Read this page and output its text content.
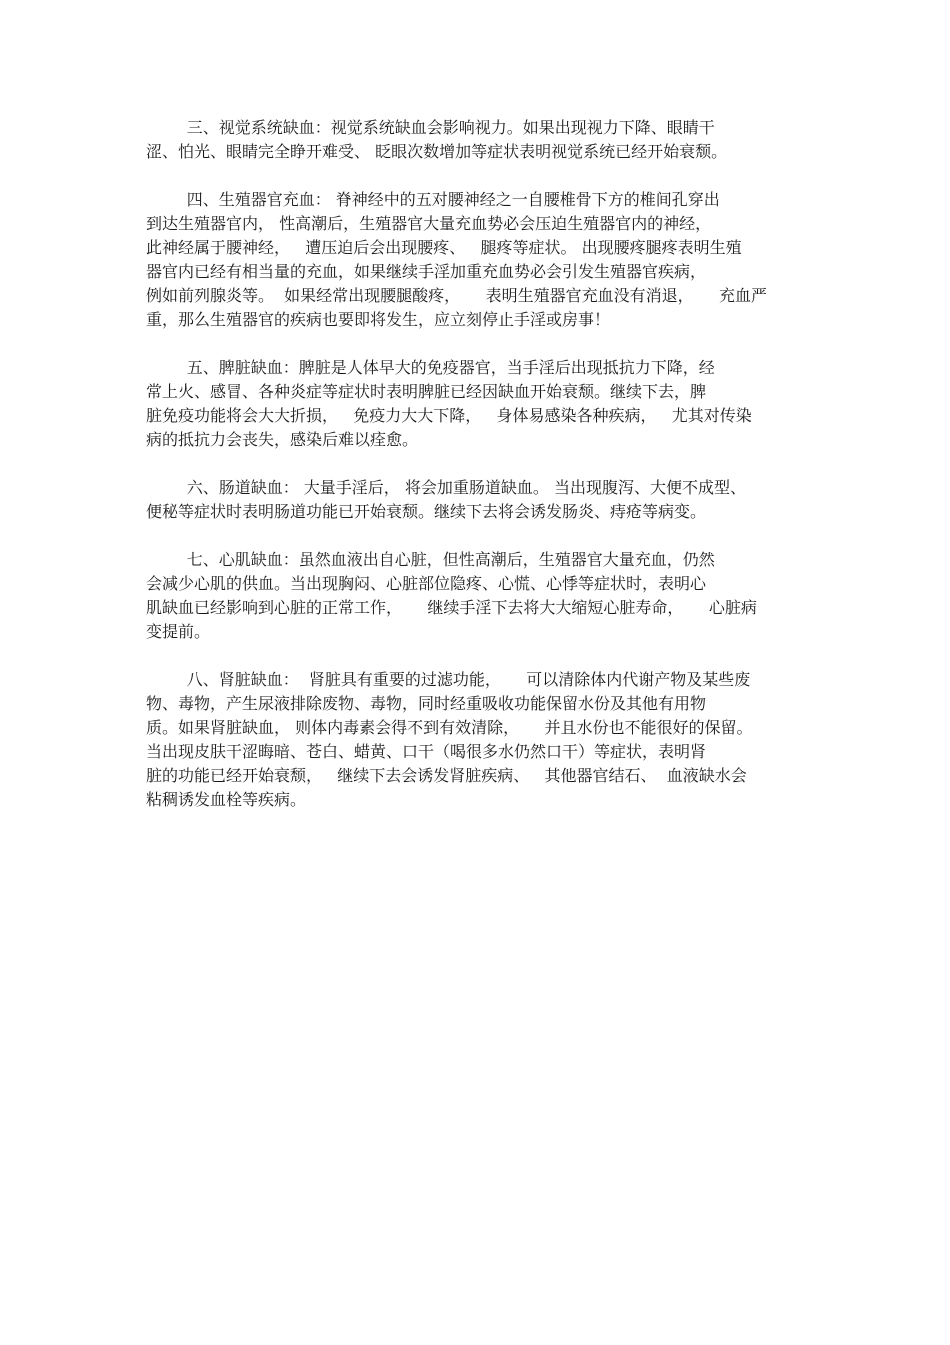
三、视觉系统缺血：视觉系统缺血会影响视力。如果出现视力下降、眼睛干
涩、怕光、眼睛完全睁开难受、 眨眼次数增加等症状表明视觉系统已经开始衰颓。
四、生殖器官充血： 脊神经中的五对腰神经之一自腰椎骨下方的椎间孔穿出
到达生殖器官内， 性高潮后，生殖器官大量充血势必会压迫生殖器官内的神经，
此神经属于腰神经，   遭压迫后会出现腰疼、   腿疼等症状。 出现腰疼腿疼表明生殖
器官内已经有相当量的充血，如果继续手淫加重充血势必会引发生殖器官疾病，
例如前列腺炎等。  如果经常出现腰腿酸疼，     表明生殖器官充血没有消退，     充血严
重，那么生殖器官的疾病也要即将发生，应立刻停止手淫或房事！
五、脾脏缺血：脾脏是人体早大的免疫器官，当手淫后出现抵抗力下降，经
常上火、感冒、各种炎症等症状时表明脾脏已经因缺血开始衰颓。继续下去，脾
脏免疫功能将会大大折损，   免疫力大大下降，   身体易感染各种疾病，   尤其对传染
病的抵抗力会丧失，感染后难以痊愈。
六、肠道缺血： 大量手淫后， 将会加重肠道缺血。 当出现腹泻、大便不成型、
便秘等症状时表明肠道功能已开始衰颓。继续下去将会诱发肠炎、痔疮等病变。
七、心肌缺血：虽然血液出自心脏，但性高潮后，生殖器官大量充血，仍然
会减少心肌的供血。当出现胸闷、心脏部位隐疼、心慌、心悸等症状时，表明心
肌缺血已经影响到心脏的正常工作，     继续手淫下去将大大缩短心脏寿命，     心脏病
变提前。
八、肾脏缺血：  肾脏具有重要的过滤功能，     可以清除体内代谢产物及某些废
物、毒物，产生尿液排除废物、毒物，同时经重吸收功能保留水份及其他有用物
质。如果肾脏缺血， 则体内毒素会得不到有效清除，     并且水份也不能很好的保留。
当出现皮肤干涩晦暗、苍白、蜡黄、口干（喝很多水仍然口干）等症状，表明肾
脏的功能已经开始衰颓，   继续下去会诱发肾脏疾病、   其他器官结石、  血液缺水会
粘稠诱发血栓等疾病。
